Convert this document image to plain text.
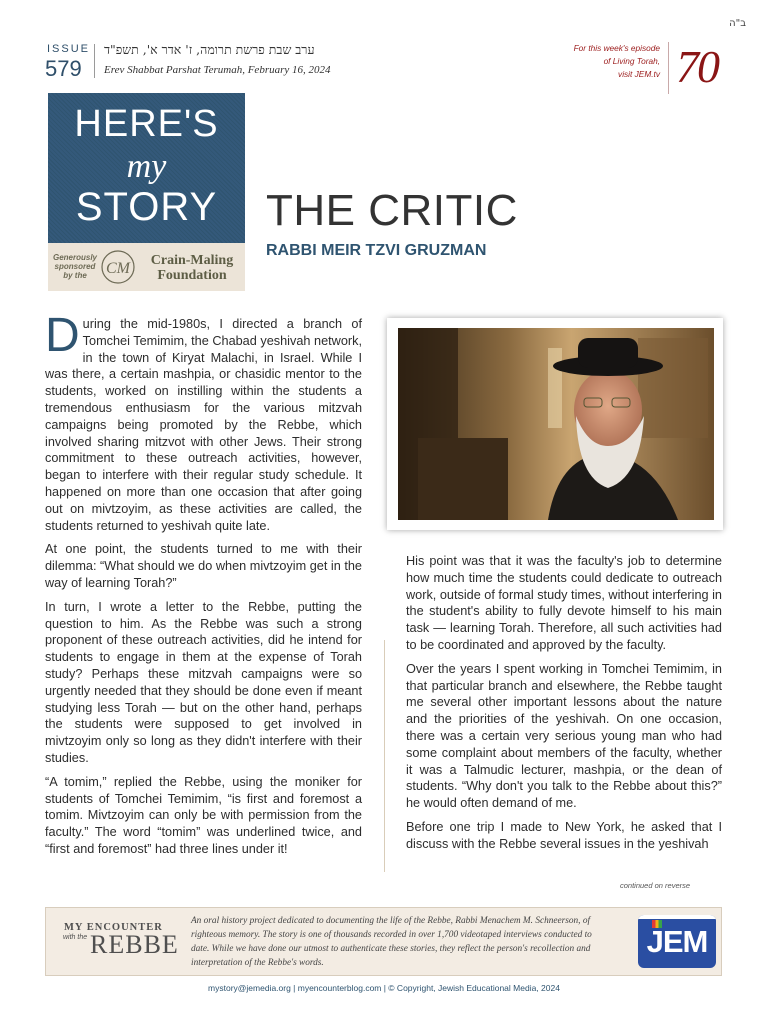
ב"ה
ISSUE
579
ערב שבת פרשת תרומה, ז' אדר א', תשפ"ד
Erev Shabbat Parshat Terumah, February 16, 2024
For this week's episode
of Living Torah,
visit JEM.tv 70
HERE'S
my
STORY
Generously sponsored by the	CM	Crain-Maling
Foundation
THE CRITIC
RABBI MEIR TZVI GRUZMAN

During the mid-1980s, I directed a branch of Tomchei Temimim, the Chabad yeshivah network, in the town of Kiryat Malachi, in Israel. While I was there, a certain mashpia, or chasidic mentor to the students, worked on instilling within the students a tremendous enthusiasm for the various mitzvah campaigns being promoted by the Rebbe, which involved sharing mitzvot with other Jews. Their strong commitment to these outreach activities, however, began to interfere with their regular study schedule. It happened on more than one occasion that after going out on mivtzoyim, as these activities are called, the students returned to yeshivah quite late.

At one point, the students turned to me with their dilemma: “What should we do when mivtzoyim get in the way of learning Torah?”

In turn, I wrote a letter to the Rebbe, putting the question to him. As the Rebbe was such a strong proponent of these outreach activities, did he intend for students to engage in them at the expense of Torah study? Perhaps these mitzvah campaigns were so urgently needed that they should be done even if meant studying less Torah — but on the other hand, perhaps the students were supposed to get involved in mivtzoyim only so long as they didn't interfere with their studies.

“A tomim,” replied the Rebbe, using the moniker for students of Tomchei Temimim, “is first and foremost a tomim. Mivtzoyim can only be with permission from the faculty.” The word “tomim” was underlined twice, and “first and foremost” had three lines under it!

His point was that it was the faculty's job to determine how much time the students could dedicate to outreach work, outside of formal study times, without interfering in the student's ability to fully devote himself to his main task — learning Torah. Therefore, all such activities had to be coordinated and approved by the faculty.

Over the years I spent working in Tomchei Temimim, in that particular branch and elsewhere, the Rebbe taught me several other important lessons about the nature and the priorities of the yeshivah. On one occasion, there was a certain very serious young man who had some complaint about members of the faculty, whether it was a Talmudic lecturer, mashpia, or the dean of students. “Why don't you talk to the Rebbe about this?” he would often demand of me.

Before one trip I made to New York, he asked that I discuss with the Rebbe several issues in the yeshivah

continued on reverse
MY ENCOUNTER
with the REBBE
An oral history project dedicated to documenting the life of the Rebbe, Rabbi Menachem M. Schneerson, of righteous memory. The story is one of thousands recorded in over 1,700 videotaped interviews conducted to date. While we have done our utmost to authenticate these stories, they reflect the person's recollection and interpretation of the Rebbe's words.
JEM
mystory@jemedia.org | myencounterblog.com | © Copyright, Jewish Educational Media, 2024
